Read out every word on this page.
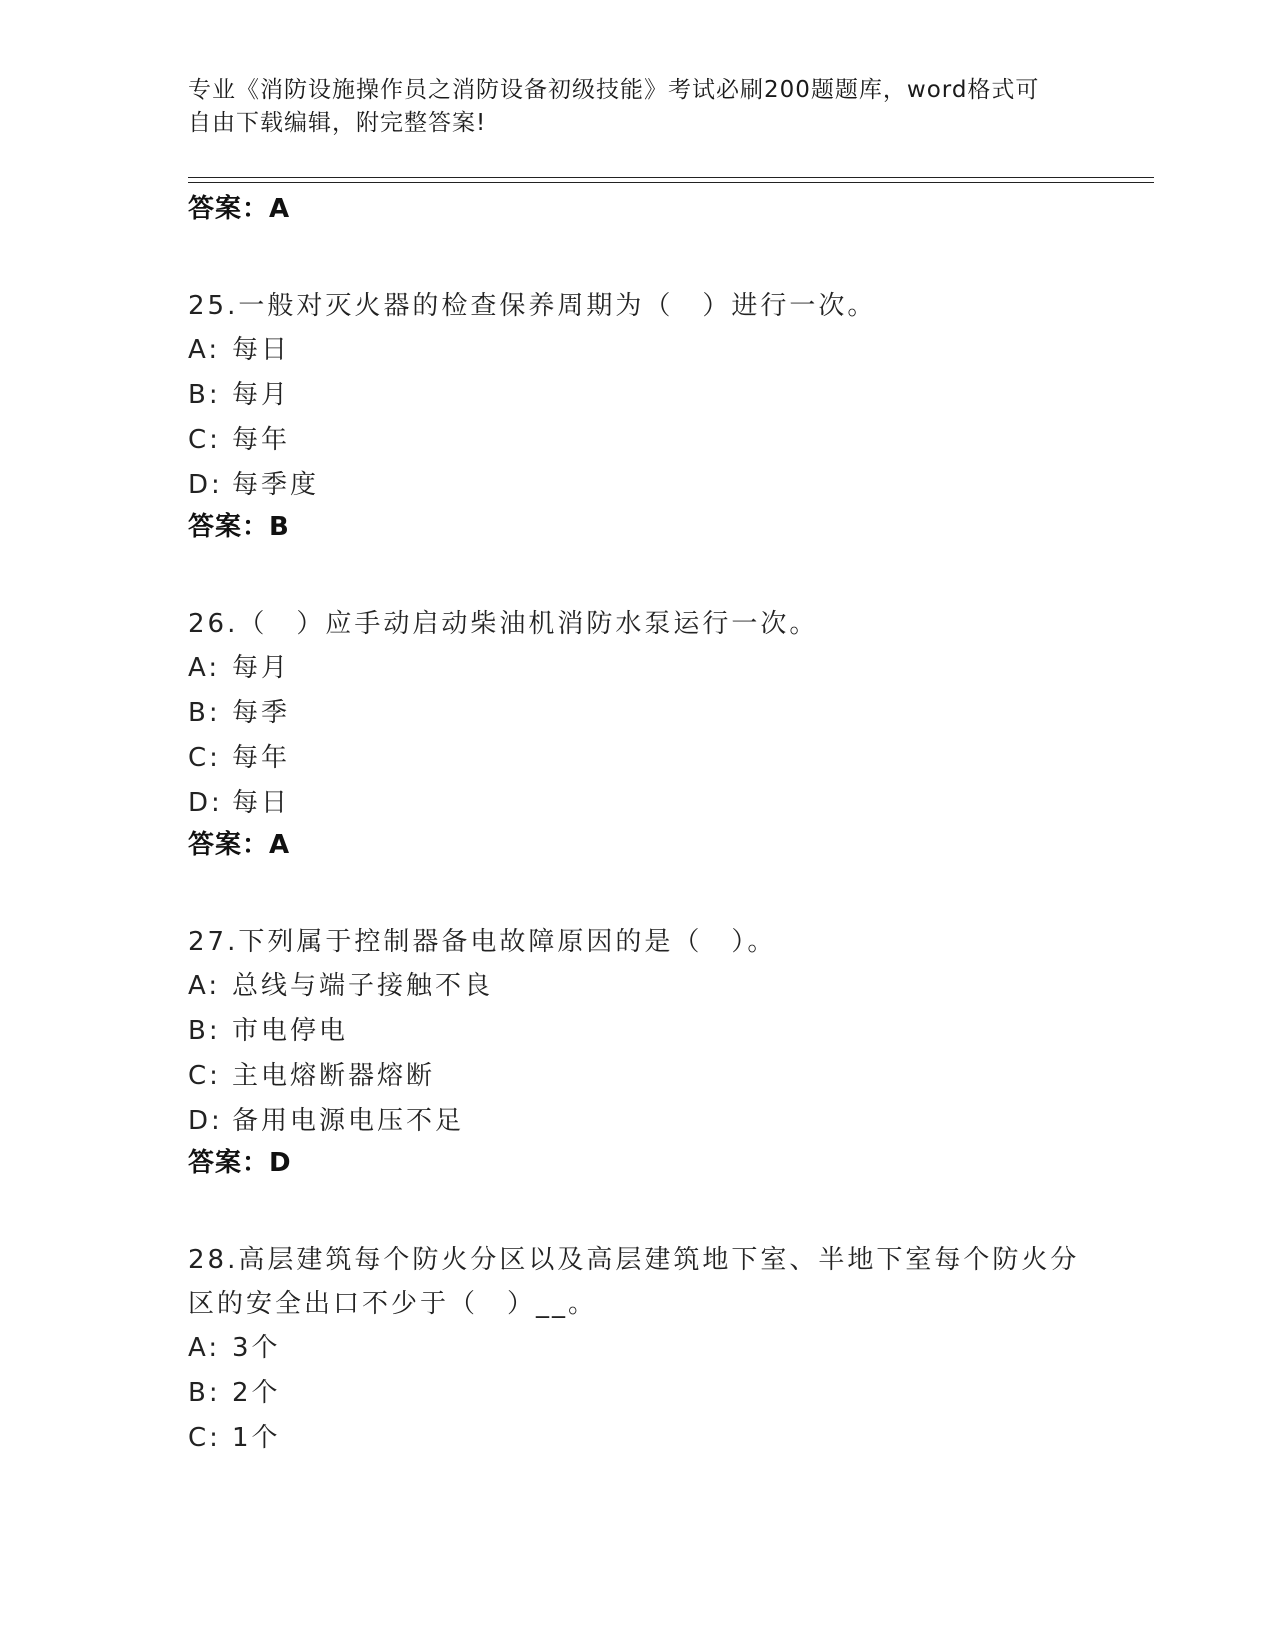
专业《消防设施操作员之消防设备初级技能》考试必刷200题题库，word格式可
自由下载编辑，附完整答案!
答案：A
25.一般对灭火器的检查保养周期为（　）进行一次。
A: 每日
B: 每月
C: 每年
D: 每季度
答案：B
26.（　）应手动启动柴油机消防水泵运行一次。
A: 每月
B: 每季
C: 每年
D: 每日
答案：A
27.下列属于控制器备电故障原因的是（　）。
A: 总线与端子接触不良
B: 市电停电
C: 主电熔断器熔断
D: 备用电源电压不足
答案：D
28.高层建筑每个防火分区以及高层建筑地下室、半地下室每个防火分区的安全出口不少于（　）__。
A: 3个
B: 2个
C: 1个
